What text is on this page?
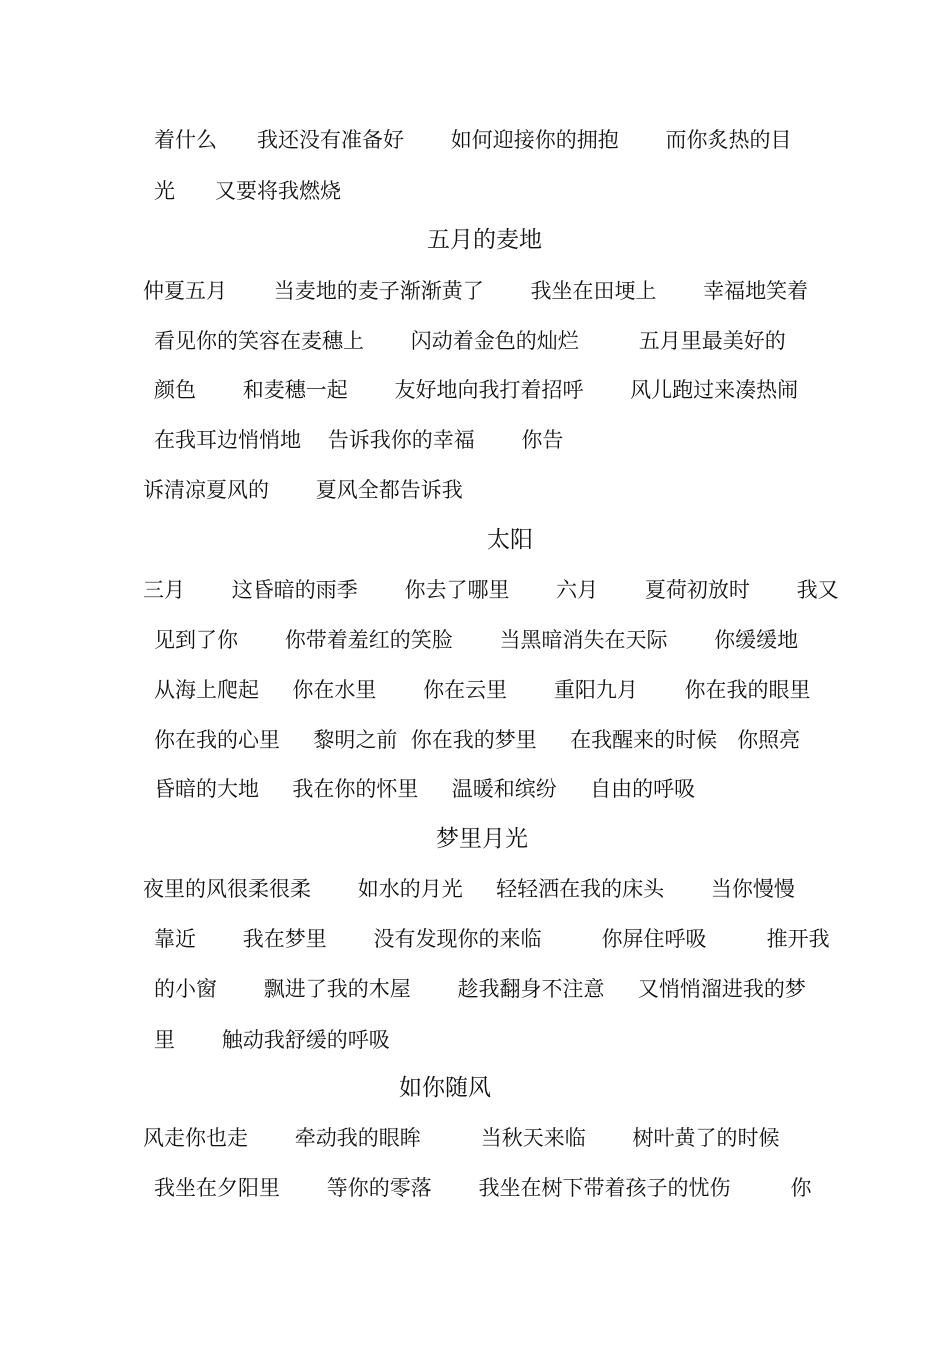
着什么      我还没有准备好       如何迎接你的拥抱       而你炙热的目
光      又要将我燃烧
五月的麦地
仲夏五月       当麦地的麦子渐渐黄了       我坐在田埂上       幸福地笑着
看见你的笑容在麦穗上       闪动着金色的灿烂         五月里最美好的
颜色       和麦穗一起       友好地向我打着招呼       风儿跑过来凑热闹
在我耳边悄悄地    告诉我你的幸福       你告
诉清凉夏风的       夏风全都告诉我
太阳
三月       这昏暗的雨季       你去了哪里       六月       夏荷初放时       我又
见到了你       你带着羞红的笑脸       当黑暗消失在天际       你缓缓地
从海上爬起     你在水里       你在云里       重阳九月       你在我的眼里
你在我的心里     黎明之前  你在我的梦里     在我醒来的时候   你照亮
昏暗的大地     我在你的怀里     温暖和缤纷     自由的呼吸
梦里月光
夜里的风很柔很柔       如水的月光     轻轻洒在我的床头       当你慢慢
靠近       我在梦里       没有发现你的来临         你屏住呼吸         推开我
的小窗       飘进了我的木屋       趁我翻身不注意     又悄悄溜进我的梦
里       触动我舒缓的呼吸
如你随风
风走你也走       牵动我的眼眸         当秋天来临       树叶黄了的时候
我坐在夕阳里       等你的零落       我坐在树下带着孩子的忧伤         你
